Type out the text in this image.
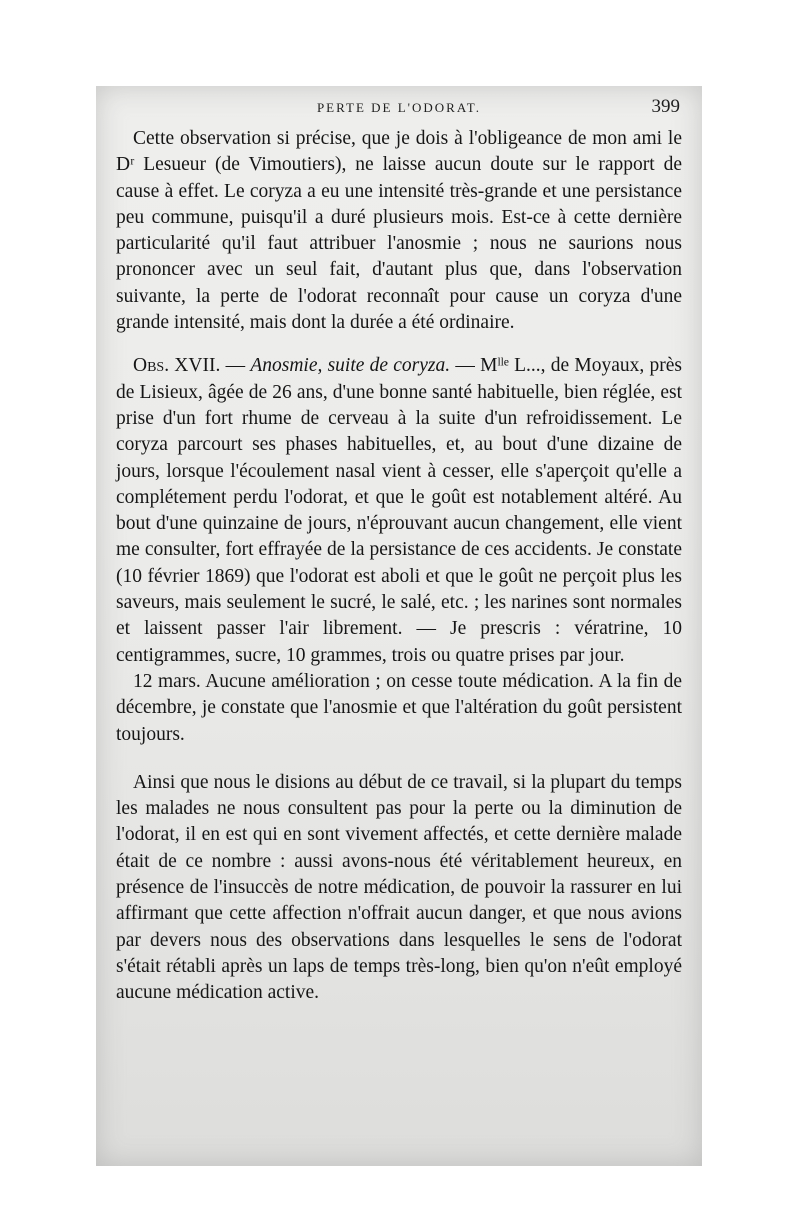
PERTE DE L'ODORAT.	399

Cette observation si précise, que je dois à l'obligeance de mon ami le Dʳ Lesueur (de Vimoutiers), ne laisse aucun doute sur le rapport de cause à effet. Le coryza a eu une intensité très-grande et une persistance peu commune, puisqu'il a duré plusieurs mois. Est-ce à cette dernière particularité qu'il faut attribuer l'anosmie ; nous ne saurions nous prononcer avec un seul fait, d'autant plus que, dans l'observation suivante, la perte de l'odorat reconnaît pour cause un coryza d'une grande intensité, mais dont la durée a été ordinaire.

Obs. XVII. — Anosmie, suite de coryza. — Mˡˡᵉ L..., de Moyaux, près de Lisieux, âgée de 26 ans, d'une bonne santé habituelle, bien réglée, est prise d'un fort rhume de cerveau à la suite d'un refroidissement. Le coryza parcourt ses phases habituelles, et, au bout d'une dizaine de jours, lorsque l'écoulement nasal vient à cesser, elle s'aperçoit qu'elle a complétement perdu l'odorat, et que le goût est notablement altéré. Au bout d'une quinzaine de jours, n'éprouvant aucun changement, elle vient me consulter, fort effrayée de la persistance de ces accidents. Je constate (10 février 1869) que l'odorat est aboli et que le goût ne perçoit plus les saveurs, mais seulement le sucré, le salé, etc. ; les narines sont normales et laissent passer l'air librement. — Je prescris : vératrine, 10 centigrammes, sucre, 10 grammes, trois ou quatre prises par jour.

12 mars. Aucune amélioration ; on cesse toute médication. A la fin de décembre, je constate que l'anosmie et que l'altération du goût persistent toujours.

Ainsi que nous le disions au début de ce travail, si la plupart du temps les malades ne nous consultent pas pour la perte ou la diminution de l'odorat, il en est qui en sont vivement affectés, et cette dernière malade était de ce nombre : aussi avons-nous été véritablement heureux, en présence de l'insuccès de notre médication, de pouvoir la rassurer en lui affirmant que cette affection n'offrait aucun danger, et que nous avions par devers nous des observations dans lesquelles le sens de l'odorat s'était rétabli après un laps de temps très-long, bien qu'on n'eût employé aucune médication active.
